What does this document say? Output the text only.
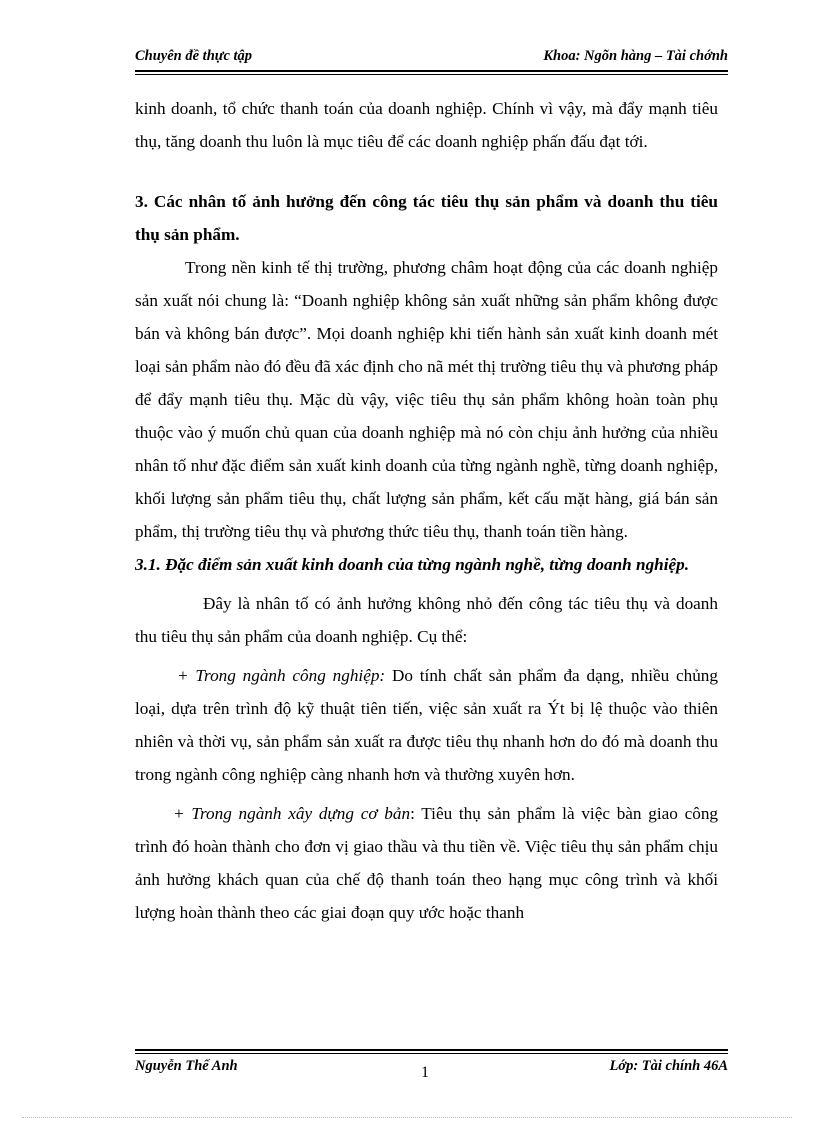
Chuyên đề thực tập	Khoa: Ngõn hàng – Tài chớnh

kinh doanh, tổ chức thanh toán của doanh nghiệp. Chính vì vậy, mà đẩy mạnh tiêu thụ, tăng doanh thu luôn là mục tiêu để các doanh nghiệp phấn đấu đạt tới.

3. Các nhân tố ảnh hưởng đến công tác tiêu thụ sản phẩm và doanh thu tiêu thụ sản phẩm.

Trong nền kinh tế thị trường, phương châm hoạt động của các doanh nghiệp sản xuất nói chung là: “Doanh nghiệp không sản xuất những sản phẩm không được bán và không bán được”. Mọi doanh nghiệp khi tiến hành sản xuất kinh doanh mét loại sản phẩm nào đó đều đã xác định cho nã mét thị trường tiêu thụ và phương pháp để đẩy mạnh tiêu thụ. Mặc dù vậy, việc tiêu thụ sản phẩm không hoàn toàn phụ thuộc vào ý muốn chủ quan của doanh nghiệp mà nó còn chịu ảnh hưởng của nhiều nhân tố như đặc điểm sản xuất kinh doanh của từng ngành nghề, từng doanh nghiệp, khối lượng sản phẩm tiêu thụ, chất lượng sản phẩm, kết cấu mặt hàng, giá bán sản phẩm, thị trường tiêu thụ và phương thức tiêu thụ, thanh toán tiền hàng.

3.1. Đặc điểm sản xuất kinh doanh của từng ngành nghề, từng doanh nghiệp.

Đây là nhân tố có ảnh hưởng không nhỏ đến công tác tiêu thụ và doanh thu tiêu thụ sản phẩm của doanh nghiệp. Cụ thể:

+ Trong ngành công nghiệp: Do tính chất sản phẩm đa dạng, nhiều chủng loại, dựa trên trình độ kỹ thuật tiên tiến, việc sản xuất ra Ýt bị lệ thuộc vào thiên nhiên và thời vụ, sản phẩm sản xuất ra được tiêu thụ nhanh hơn do đó mà doanh thu trong ngành công nghiệp càng nhanh hơn và thường xuyên hơn.

+ Trong ngành xây dựng cơ bản: Tiêu thụ sản phẩm là việc bàn giao công trình đó hoàn thành cho đơn vị giao thầu và thu tiền về. Việc tiêu thụ sản phẩm chịu ảnh hưởng khách quan của chế độ thanh toán theo hạng mục công trình và khối lượng hoàn thành theo các giai đoạn quy ước hoặc thanh

Nguyễn Thế Anh	1	Lớp: Tài chính 46A
